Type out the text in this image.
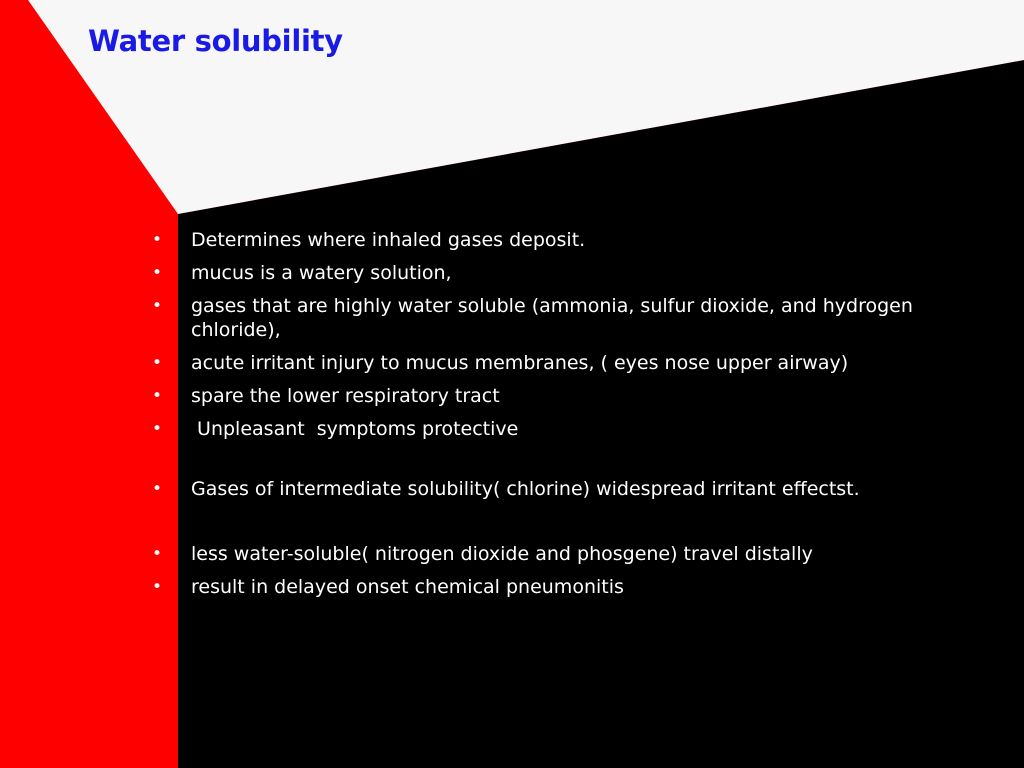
Water solubility
• Determines where inhaled gases deposit.
• mucus is a watery solution,
• gases that are highly water soluble (ammonia, sulfur dioxide, and hydrogen chloride),
• acute irritant injury to mucus membranes, ( eyes nose upper airway)
• spare the lower respiratory tract
• Unpleasant  symptoms protective
• Gases of intermediate solubility( chlorine) widespread irritant effectst.
• less water-soluble( nitrogen dioxide and phosgene) travel distally
• result in delayed onset chemical pneumonitis
